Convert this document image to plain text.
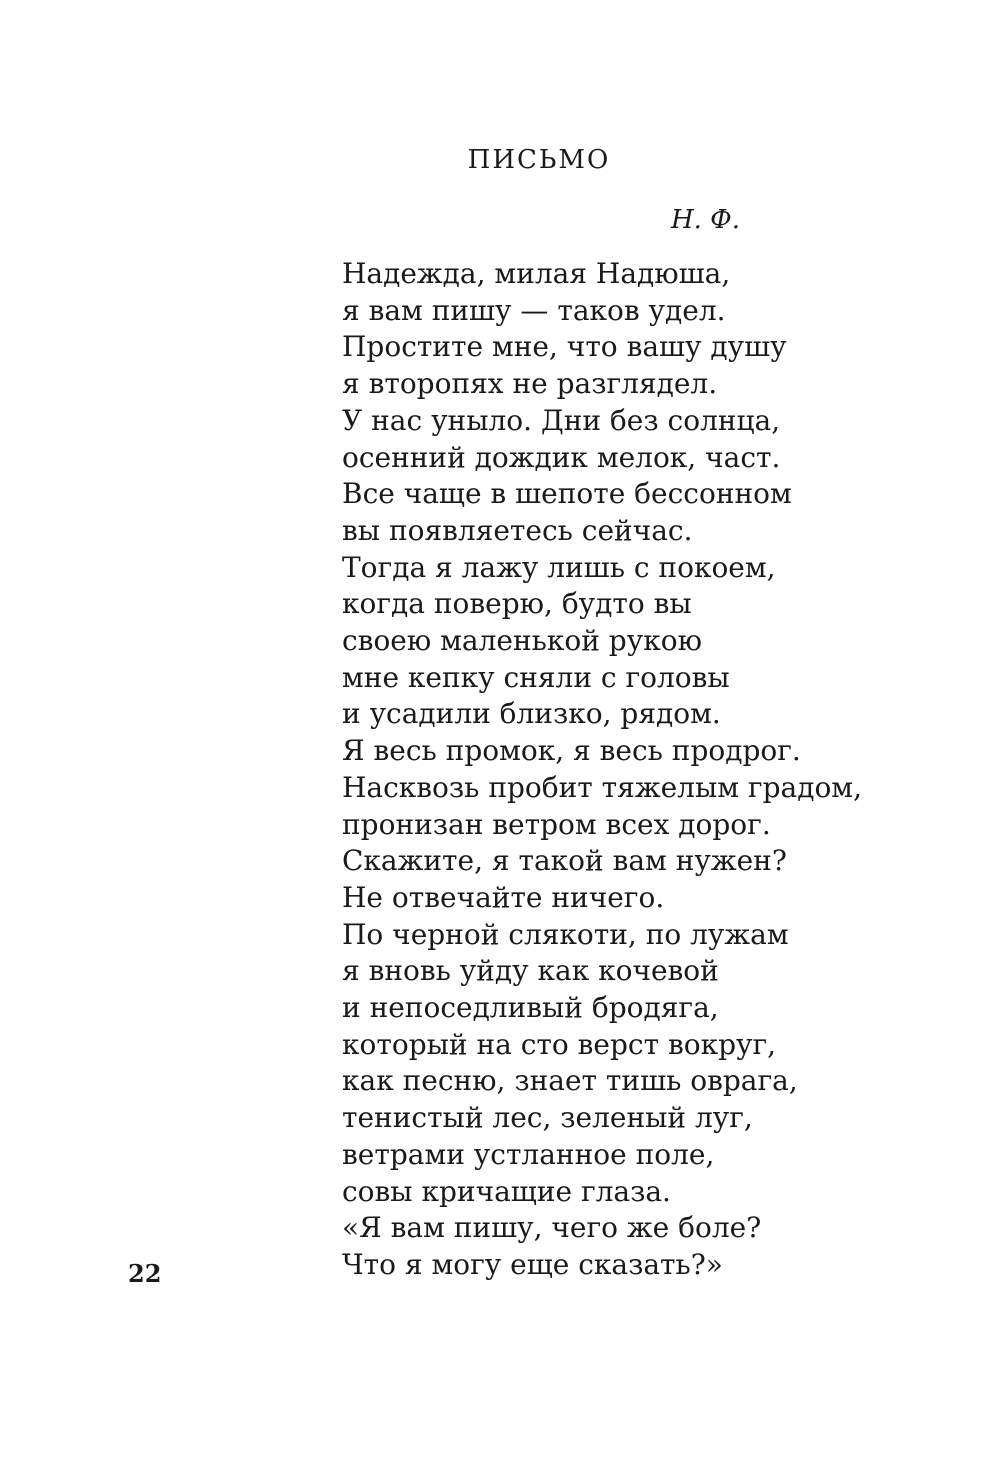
ПИСЬМО
Н. Ф.
Надежда, милая Надюша,
я вам пишу — таков удел.
Простите мне, что вашу душу
я второпях не разглядел.
У нас уныло. Дни без солнца,
осенний дождик мелок, част.
Все чаще в шепоте бессонном
вы появляетесь сейчас.
Тогда я лажу лишь с покоем,
когда поверю, будто вы
своею маленькой рукою
мне кепку сняли с головы
и усадили близко, рядом.
Я весь промок, я весь продрог.
Насквозь пробит тяжелым градом,
пронизан ветром всех дорог.
Скажите, я такой вам нужен?
Не отвечайте ничего.
По черной слякоти, по лужам
я вновь уйду как кочевой
и непоседливый бродяга,
который на сто верст вокруг,
как песню, знает тишь оврага,
тенистый лес, зеленый луг,
ветрами устланное поле,
совы кричащие глаза.
«Я вам пишу, чего же боле?
Что я могу еще сказать?»
22
